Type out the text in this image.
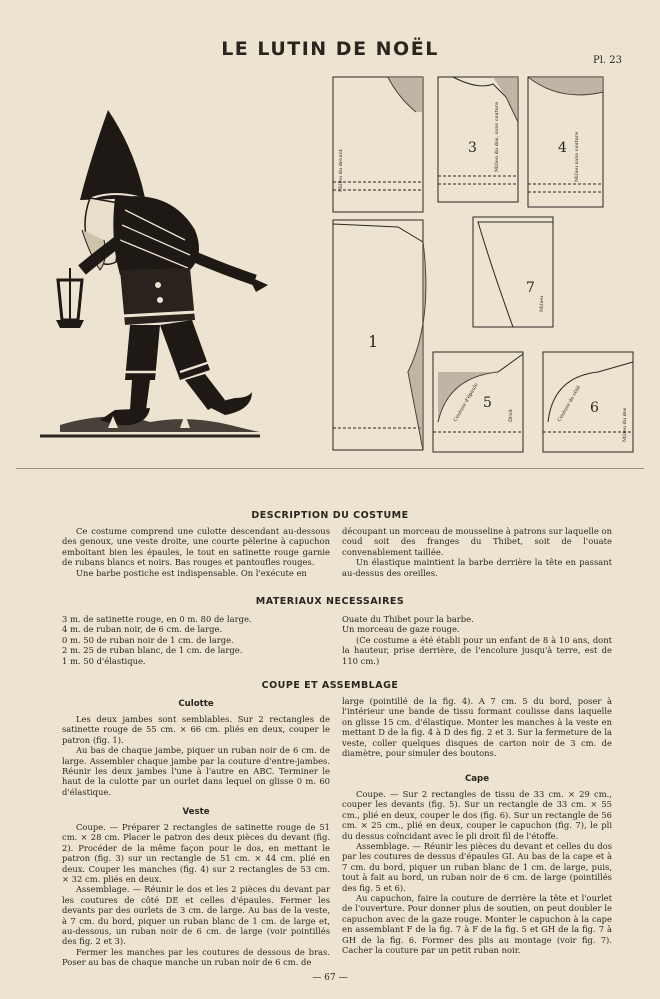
LE LUTIN DE NOËL
Pl. 23
1
3	4
5	6
7
Milieu du devant	Milieu du dos, sans couture	Milieu sans couture
Milieu
Milieu du dos
Couture d'épaule	Droit	Couture de côté
DESCRIPTION DU COSTUME

Ce costume comprend une culotte descendant au-dessous des genoux, une veste droite, une courte pèlerine à capuchon emboitant bien les épaules, le tout en satinette rouge garnie de rubans blancs et noirs. Bas rouges et pantoufles rouges.

Une barbe postiche est indispensable. On l'exécute en

découpant un morceau de mousseline à patrons sur laquelle on coud soit des franges du Thibet, soit de l'ouate convenablement taillée.

Un élastique maintient la barbe derrière la tête en passant au-dessus des oreilles.

MATERIAUX NECESSAIRES

3 m. de satinette rouge, en 0 m. 80 de large.

4 m. de ruban noir, de 6 cm. de large.

0 m. 50 de ruban noir de 1 cm. de large.

2 m. 25 de ruban blanc, de 1 cm. de large.

1 m. 50 d'élastique.

Ouate du Thibet pour la barbe.

Un morceau de gaze rouge.

(Ce costume a été établi pour un enfant de 8 à 10 ans, dont la hauteur, prise derrière, de l'encolure jusqu'à terre, est de 110 cm.)

COUPE ET ASSEMBLAGE
Culotte

Les deux jambes sont semblables. Sur 2 rectangles de satinette rouge de 55 cm. × 66 cm. pliés en deux, couper le patron (fig. 1).

Au bas de chaque jambe, piquer un ruban noir de 6 cm. de large. Assembler chaque jambe par la couture d'entre-jambes. Réunir les deux jambes l'une à l'autre en ABC. Terminer le haut de la culotte par un ourlet dans lequel on glisse 0 m. 60 d'élastique.

Veste

Coupe. — Préparer 2 rectangles de satinette rouge de 51 cm. × 28 cm. Placer le patron des deux pièces du devant (fig. 2). Procéder de la même façon pour le dos, en mettant le patron (fig. 3) sur un rectangle de 51 cm. × 44 cm. plié en deux. Couper les manches (fig. 4) sur 2 rectangles de 53 cm. × 32 cm. pliés en deux.

Assemblage. — Réunir le dos et les 2 pièces du devant par les coutures de côté DE et celles d'épaules. Fermer les devants par des ourlets de 3 cm. de large. Au bas de la veste, à 7 cm. du bord, piquer un ruban blanc de 1 cm. de large et, au-dessous, un ruban noir de 6 cm. de large (voir pointillés des fig. 2 et 3).

Fermer les manches par les coutures de dessous de bras. Poser au bas de chaque manche un ruban noir de 6 cm. de

large (pointillé de la fig. 4). A 7 cm. 5 du bord, poser à l'intérieur une bande de tissu formant coulisse dans laquelle on glisse 15 cm. d'élastique. Monter les manches à la veste en mettant D de la fig. 4 à D des fig. 2 et 3. Sur la fermeture de la veste, coller quelques disques de carton noir de 3 cm. de diamètre, pour simuler des boutons.

Cape

Coupe. — Sur 2 rectangles de tissu de 33 cm. × 29 cm., couper les devants (fig. 5). Sur un rectangle de 33 cm. × 55 cm., plié en deux, couper le dos (fig. 6). Sur un rectangle de 56 cm. × 25 cm., plié en deux, couper le capuchon (fig. 7), le pli du dessus coïncidant avec le pli droit fil de l'étoffe.

Assemblage. — Réunir les pièces du devant et celles du dos par les coutures de dessus d'épaules GI. Au bas de la cape et à 7 cm. du bord, piquer un ruban blanc de 1 cm. de large, puis, tout à fait au bord, un ruban noir de 6 cm. de large (pointillés des fig. 5 et 6).

Au capuchon, faire la couture de derrière la tête et l'ourlet de l'ouverture. Pour donner plus de soutien, on peut doubler le capuchon avec de la gaze rouge. Monter le capuchon à la cape en assemblant F de la fig. 7 à F de la fig. 5 et GH de la fig. 7 à GH de la fig. 6. Former des plis au montage (voir fig. 7). Cacher la couture par un petit ruban noir.

— 67 —
